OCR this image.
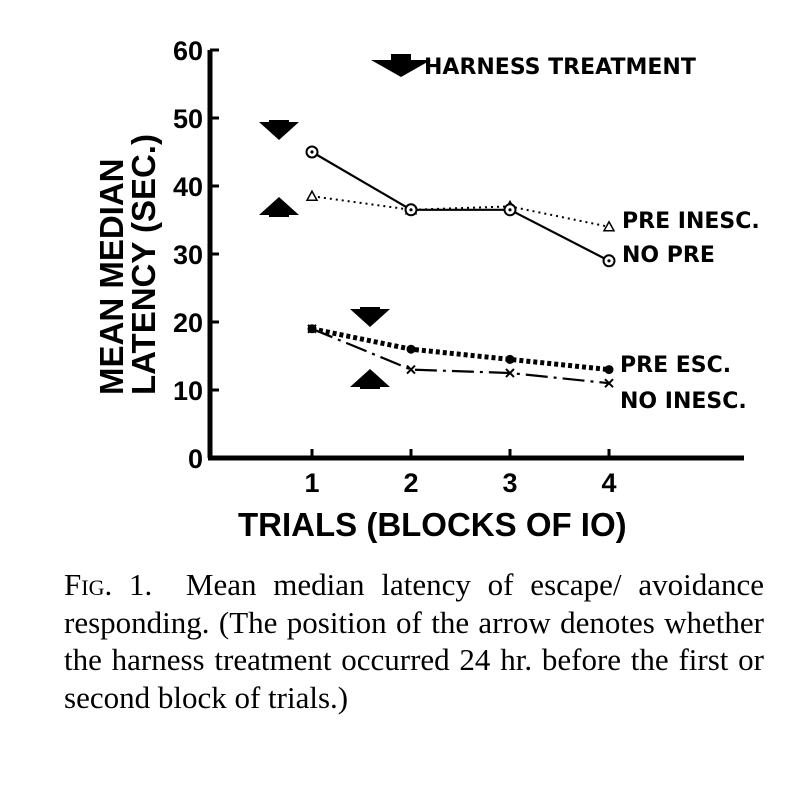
0
10
20
30
40
50
60
1	2	3	4
PRE INESC.
NO PRE
PRE ESC.
NO INESC.
HARNESS TREATMENT
MEAN MEDIAN
LATENCY (SEC.)
TRIALS (BLOCKS OF IO)
Fig. 1. Mean median latency of escape/ avoidance responding. (The position of the arrow denotes whether the harness treatment occurred 24 hr. before the first or second block of trials.)
